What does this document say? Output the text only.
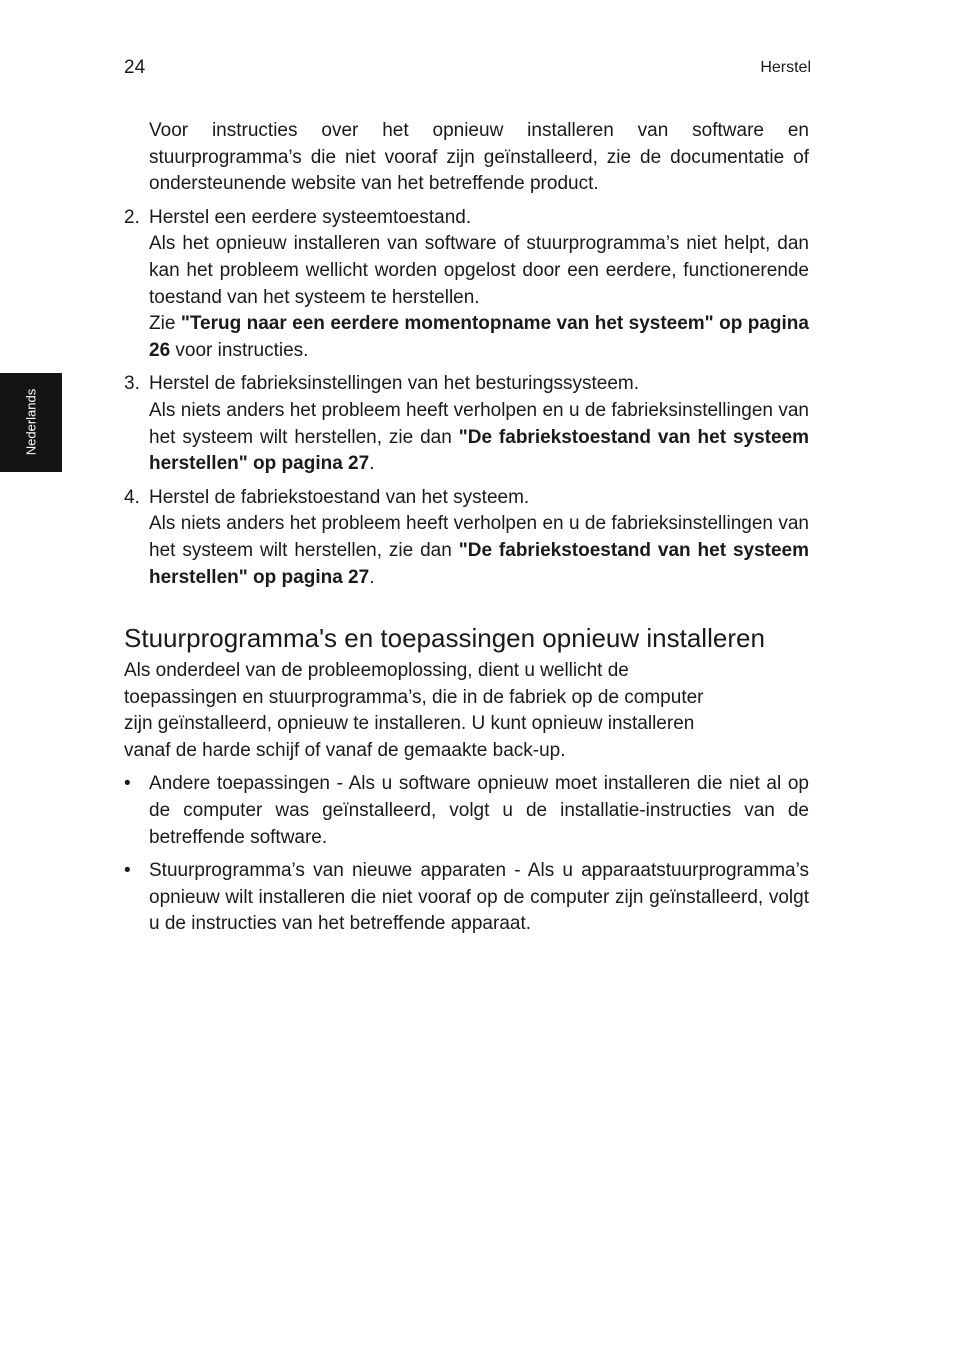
24	Herstel
Nederlands

Voor instructies over het opnieuw installeren van software en stuurprogramma’s die niet vooraf zijn geïnstalleerd, zie de documentatie of ondersteunende website van het betreffende product.

2. Herstel een eerdere systeemtoestand.

Als het opnieuw installeren van software of stuurprogramma’s niet helpt, dan kan het probleem wellicht worden opgelost door een eerdere, functionerende toestand van het systeem te herstellen.

Zie "Terug naar een eerdere momentopname van het systeem" op pagina 26 voor instructies.

3. Herstel de fabrieksinstellingen van het besturingssysteem.

Als niets anders het probleem heeft verholpen en u de fabrieksinstellingen van het systeem wilt herstellen, zie dan "De fabriekstoestand van het systeem herstellen" op pagina 27.

4. Herstel de fabriekstoestand van het systeem.

Als niets anders het probleem heeft verholpen en u de fabrieksinstellingen van het systeem wilt herstellen, zie dan "De fabriekstoestand van het systeem herstellen" op pagina 27.

Stuurprogramma's en toepassingen opnieuw installeren
Als onderdeel van de probleemoplossing, dient u wellicht de
toepassingen en stuurprogramma’s, die in de fabriek op de computer
zijn geïnstalleerd, opnieuw te installeren. U kunt opnieuw installeren
vanaf de harde schijf of vanaf de gemaakte back-up.
• Andere toepassingen - Als u software opnieuw moet installeren die niet al op de computer was geïnstalleerd, volgt u de installatie-instructies van de betreffende software.

• Stuurprogramma’s van nieuwe apparaten - Als u apparaatstuurprogramma’s opnieuw wilt installeren die niet vooraf op de computer zijn geïnstalleerd, volgt u de instructies van het betreffende apparaat.
